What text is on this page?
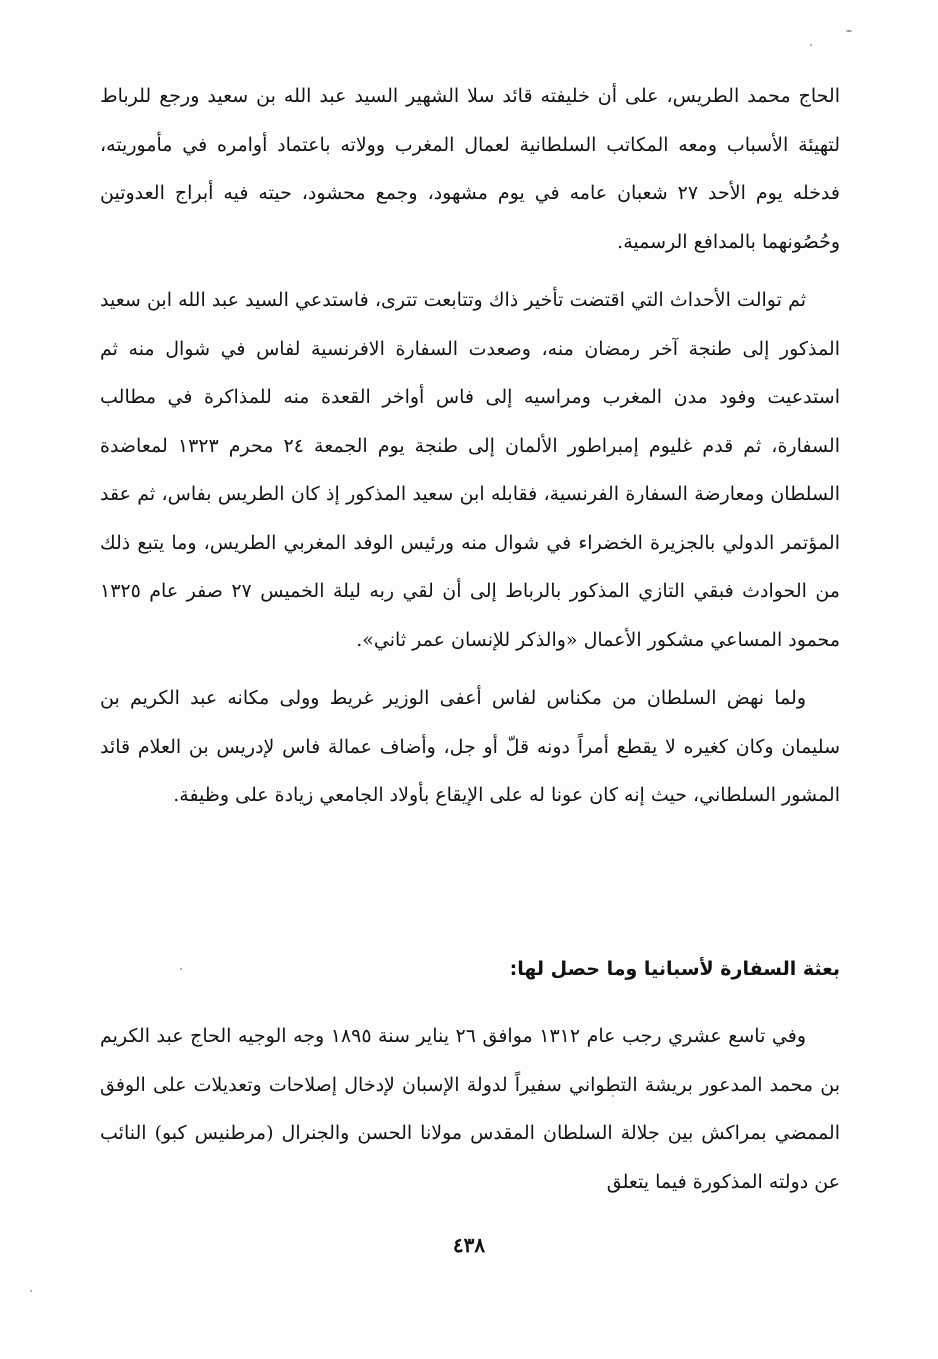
الحاج محمد الطريس، على أن خليفته قائد سلا الشهير السيد عبد الله بن سعيد ورجع للرباط لتهيئة الأسباب ومعه المكاتب السلطانية لعمال المغرب وولاته باعتماد أوامره في مأموريته، فدخله يوم الأحد ٢٧ شعبان عامه في يوم مشهود، وجمع محشود، حيته فيه أبراج العدوتين وحُصُونهما بالمدافع الرسمية.

ثم توالت الأحداث التي اقتضت تأخير ذاك وتتابعت تترى، فاستدعي السيد عبد الله ابن سعيد المذكور إلى طنجة آخر رمضان منه، وصعدت السفارة الافرنسية لفاس في شوال منه ثم استدعيت وفود مدن المغرب ومراسيه إلى فاس أواخر القعدة منه للمذاكرة في مطالب السفارة، ثم قدم غليوم إمبراطور الألمان إلى طنجة يوم الجمعة ٢٤ محرم ١٣٢٣ لمعاضدة السلطان ومعارضة السفارة الفرنسية، فقابله ابن سعيد المذكور إذ كان الطريس بفاس، ثم عقد المؤتمر الدولي بالجزيرة الخضراء في شوال منه ورئيس الوفد المغربي الطريس، وما يتبع ذلك من الحوادث فبقي التازي المذكور بالرباط إلى أن لقي ربه ليلة الخميس ٢٧ صفر عام ١٣٢٥ محمود المساعي مشكور الأعمال «والذكر للإنسان عمر ثاني».

ولما نهض السلطان من مكناس لفاس أعفى الوزير غريط وولى مكانه عبد الكريم بن سليمان وكان كغيره لا يقطع أمراً دونه قلّ أو جل، وأضاف عمالة فاس لإدريس بن العلام قائد المشور السلطاني، حيث إنه كان عونا له على الإيقاع بأولاد الجامعي زيادة على وظيفة.

بعثة السفارة لأسبانيا وما حصل لها:

وفي تاسع عشري رجب عام ١٣١٢ موافق ٢٦ يناير سنة ١٨٩٥ وجه الوجيه الحاج عبد الكريم بن محمد المدعور بريشة التطواني سفيراً لدولة الإسبان لإدخال إصلاحات وتعديلات على الوفق الممضي بمراكش بين جلالة السلطان المقدس مولانا الحسن والجنرال (مرطنيس كبو) النائب عن دولته المذكورة فيما يتعلق

٤٣٨
